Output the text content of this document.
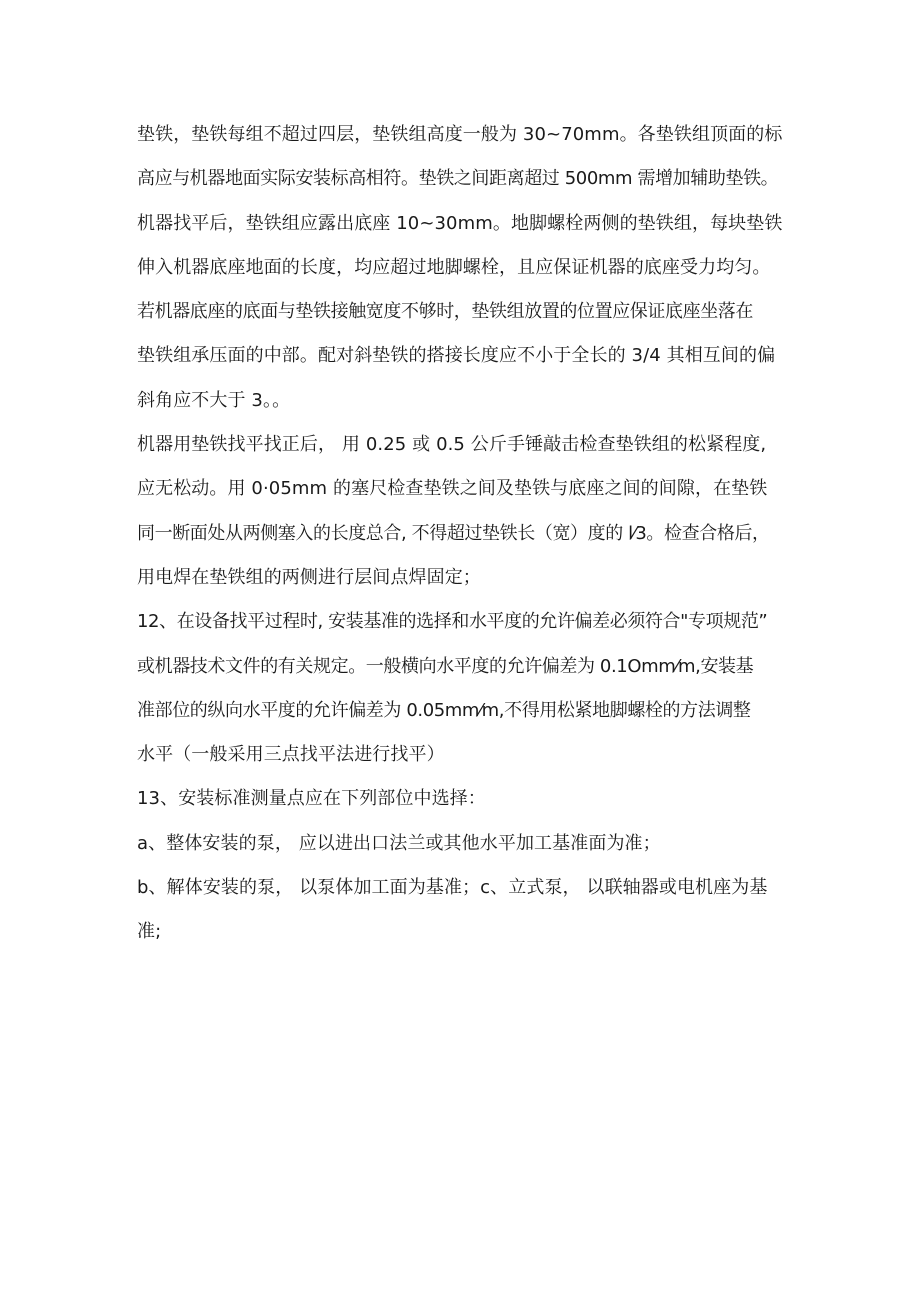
垫铁，垫铁每组不超过四层，垫铁组高度一般为 30~70mm。各垫铁组顶面的标
高应与机器地面实际安装标高相符。垫铁之间距离超过 500mm 需增加辅助垫铁。
机器找平后，垫铁组应露出底座 10~30mm。地脚螺栓两侧的垫铁组，每块垫铁
伸入机器底座地面的长度，均应超过地脚螺栓，且应保证机器的底座受力均匀。
若机器底座的底面与垫铁接触宽度不够时，垫铁组放置的位置应保证底座坐落在
垫铁组承压面的中部。配对斜垫铁的搭接长度应不小于全长的 3/4 其相互间的偏
斜角应不大于 3。。
机器用垫铁找平找正后， 用 0.25 或 0.5 公斤手锤敲击检查垫铁组的松紧程度,
应无松动。用 0·05mm 的塞尺检查垫铁之间及垫铁与底座之间的间隙，在垫铁
同一断面处从两侧塞入的长度总合, 不得超过垫铁长（宽）度的 l⁄3。检查合格后，
用电焊在垫铁组的两侧进行层间点焊固定；
12、在设备找平过程时, 安装基准的选择和水平度的允许偏差必须符合"专项规范”
或机器技术文件的有关规定。一般横向水平度的允许偏差为 0.1Omm⁄m,安装基
准部位的纵向水平度的允许偏差为 0.05mm⁄m,不得用松紧地脚螺栓的方法调整
水平（一般采用三点找平法进行找平）
13、安装标准测量点应在下列部位中选择：
a、整体安装的泵， 应以进出口法兰或其他水平加工基准面为准；
b、解体安装的泵， 以泵体加工面为基准；c、立式泵， 以联轴器或电机座为基
准;
